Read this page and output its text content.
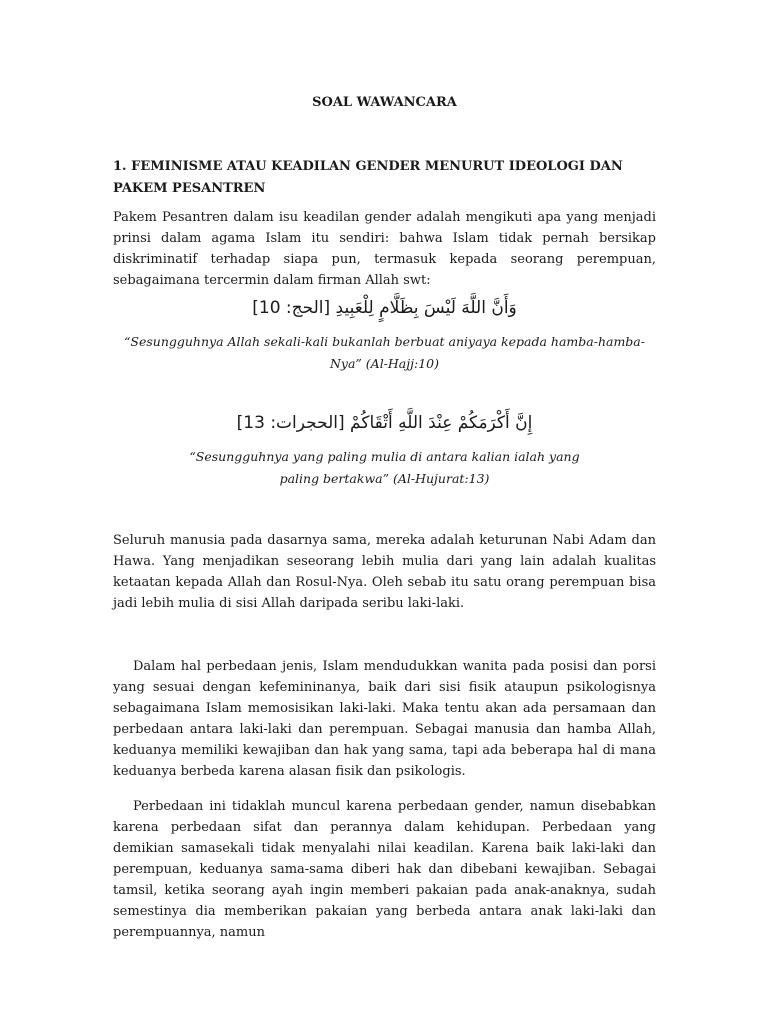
SOAL WAWANCARA
1. FEMINISME ATAU KEADILAN GENDER MENURUT IDEOLOGI DAN PAKEM PESANTREN

Pakem Pesantren dalam isu keadilan gender adalah mengikuti apa yang menjadi prinsi dalam agama Islam itu sendiri: bahwa Islam tidak pernah bersikap diskriminatif terhadap siapa pun, termasuk kepada seorang perempuan, sebagaimana tercermin dalam firman Allah swt:

وَأَنَّ اللَّهَ لَيْسَ بِظَلَّامٍ لِلْعَبِيدِ [الحج: 10]

“Sesungguhnya Allah sekali-kali bukanlah berbuat aniyaya kepada hamba-hamba-Nya” (Al-Hajj:10)

إِنَّ أَكْرَمَكُمْ عِنْدَ اللَّهِ أَتْقَاكُمْ [الحجرات: 13]

“Sesungguhnya yang paling mulia di antara kalian ialah yang paling bertakwa” (Al-Hujurat:13)

Seluruh manusia pada dasarnya sama, mereka adalah keturunan Nabi Adam dan Hawa. Yang menjadikan seseorang lebih mulia dari yang lain adalah kualitas ketaatan kepada Allah dan Rosul-Nya. Oleh sebab itu satu orang perempuan bisa jadi lebih mulia di sisi Allah daripada seribu laki-laki.

Dalam hal perbedaan jenis, Islam mendudukkan wanita pada posisi dan porsi yang sesuai dengan kefemininanya, baik dari sisi fisik ataupun psikologisnya sebagaimana Islam memosisikan laki-laki. Maka tentu akan ada persamaan dan perbedaan antara laki-laki dan perempuan. Sebagai manusia dan hamba Allah, keduanya memiliki kewajiban dan hak yang sama, tapi ada beberapa hal di mana keduanya berbeda karena alasan fisik dan psikologis.

Perbedaan ini tidaklah muncul karena perbedaan gender, namun disebabkan karena perbedaan sifat dan perannya dalam kehidupan. Perbedaan yang demikian samasekali tidak menyalahi nilai keadilan. Karena baik laki-laki dan perempuan, keduanya sama-sama diberi hak dan dibebani kewajiban. Sebagai tamsil, ketika seorang ayah ingin memberi pakaian pada anak-anaknya, sudah semestinya dia memberikan pakaian yang berbeda antara anak laki-laki dan perempuannya, namun
